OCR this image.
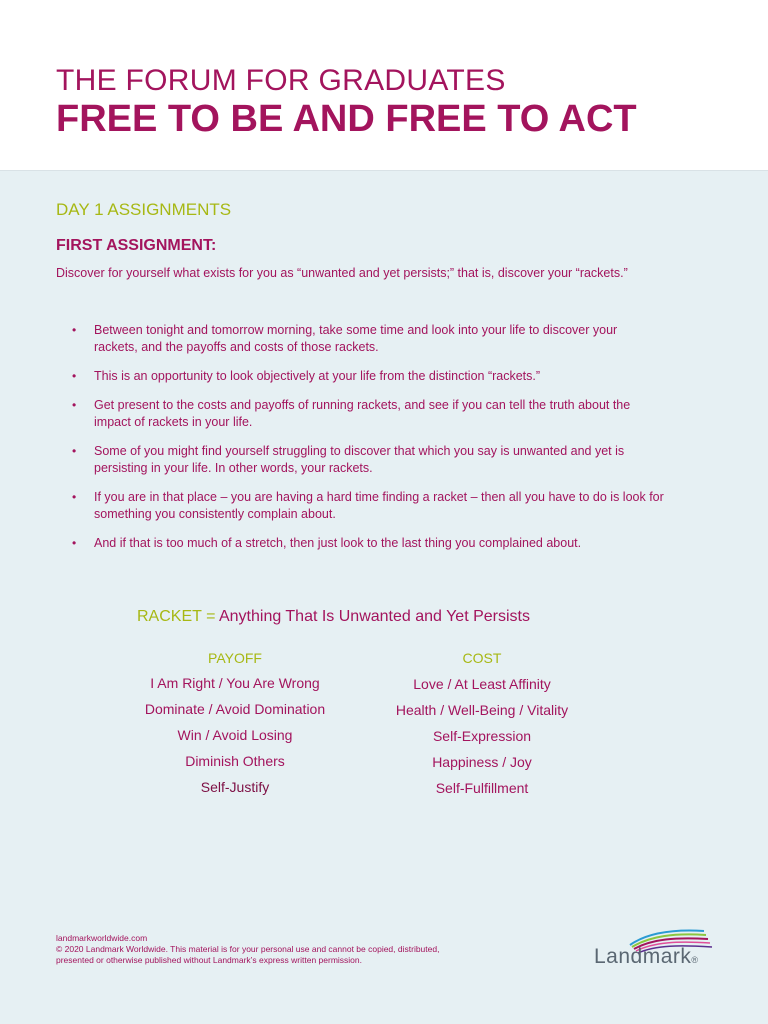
THE FORUM FOR GRADUATES
FREE TO BE AND FREE TO ACT
DAY 1 ASSIGNMENTS
FIRST ASSIGNMENT:
Discover for yourself what exists for you as “unwanted and yet persists;” that is, discover your “rackets.”
• Between tonight and tomorrow morning, take some time and look into your life to discover your rackets, and the payoffs and costs of those rackets.
• This is an opportunity to look objectively at your life from the distinction “rackets.”
• Get present to the costs and payoffs of running rackets, and see if you can tell the truth about the impact of rackets in your life.
• Some of you might find yourself struggling to discover that which you say is unwanted and yet is persisting in your life. In other words, your rackets.
• If you are in that place – you are having a hard time finding a racket – then all you have to do is look for something you consistently complain about.
• And if that is too much of a stretch, then just look to the last thing you complained about.
RACKET = Anything That Is Unwanted and Yet Persists
PAYOFF	COST
I Am Right / You Are Wrong
Dominate / Avoid Domination
Win / Avoid Losing
Diminish Others
Self-Justify
Love / At Least Affinity
Health / Well-Being / Vitality
Self-Expression
Happiness / Joy
Self-Fulfillment
landmarkworldwide.com
© 2020 Landmark Worldwide. This material is for your personal use and cannot be copied, distributed, presented or otherwise published without Landmark’s express written permission.	Landmark®
